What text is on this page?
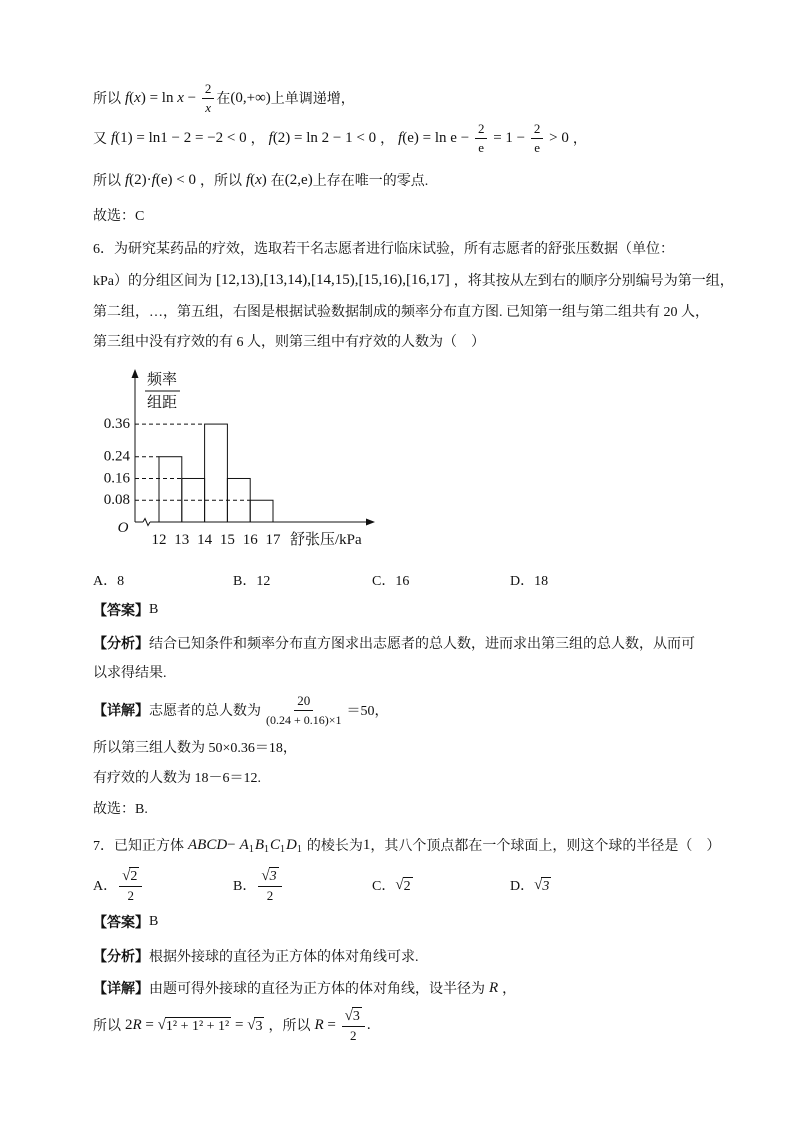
所以 f ( x ) = $\ln x - \frac{2}{x}$ 在 (0,+∞) 上单调递增，
又 f (1) = ln1 − 2 = −2 < 0 ， f (2) = ln 2 − 1 < 0 ， f $(e) = \ln e - \frac{2}{e} = 1 - \frac{2}{e} > 0$ ，
所以 f (2)· f (e) < 0 ，所以 f ( x ) 在 (2,e) 上存在唯一的零点.
故选：C
6．为研究某药品的疗效，选取若干名志愿者进行临床试验，所有志愿者的舒张压数据（单位：
kPa）的分组区间为 [12,13),[13,14),[14,15),[15,16),[16,17] ，将其按从左到右的顺序分别编号为第一组，
第二组，…，第五组，右图是根据试验数据制成的频率分布直方图. 已知第一组与第二组共有 20 人，
第三组中没有疗效的有 6 人，则第三组中有疗效的人数为（　）
频率
组距
O
舒张压/kPa
0.36
0.24
0.16
0.08
12 13 14 15 16 17
A．8	B．12	C．16	D．18
【答案】 B
【分析】 结合已知条件和频率分布直方图求出志愿者的总人数，进而求出第三组的总人数，从而可
以求得结果.
【详解】 志愿者的总人数为 $\frac{20}{(0.24 + 0.16)\times 1} =50$，
所以第三组人数为 50×0.36＝18，
有疗效的人数为 18－6＝12.
故选：B.
7．已知正方体 ABCD − A 1 B 1 C 1 D 1 的棱长为 1 ，其八个顶点都在一个球面上，则这个球的半径是（　）
A． $\frac{√ 2}{2}$	B． $\frac{√ 3}{2}$	C． √ 2	D． √ 3
【答案】 B
【分析】 根据外接球的直径为正方体的体对角线可求.
【详解】 由题可得外接球的直径为正方体的体对角线，设半径为 R ，
所以 2 R = √ 1² + 1² + 1² = √ 3 ，所以 $R = \frac{√ 3}{2}$ .
